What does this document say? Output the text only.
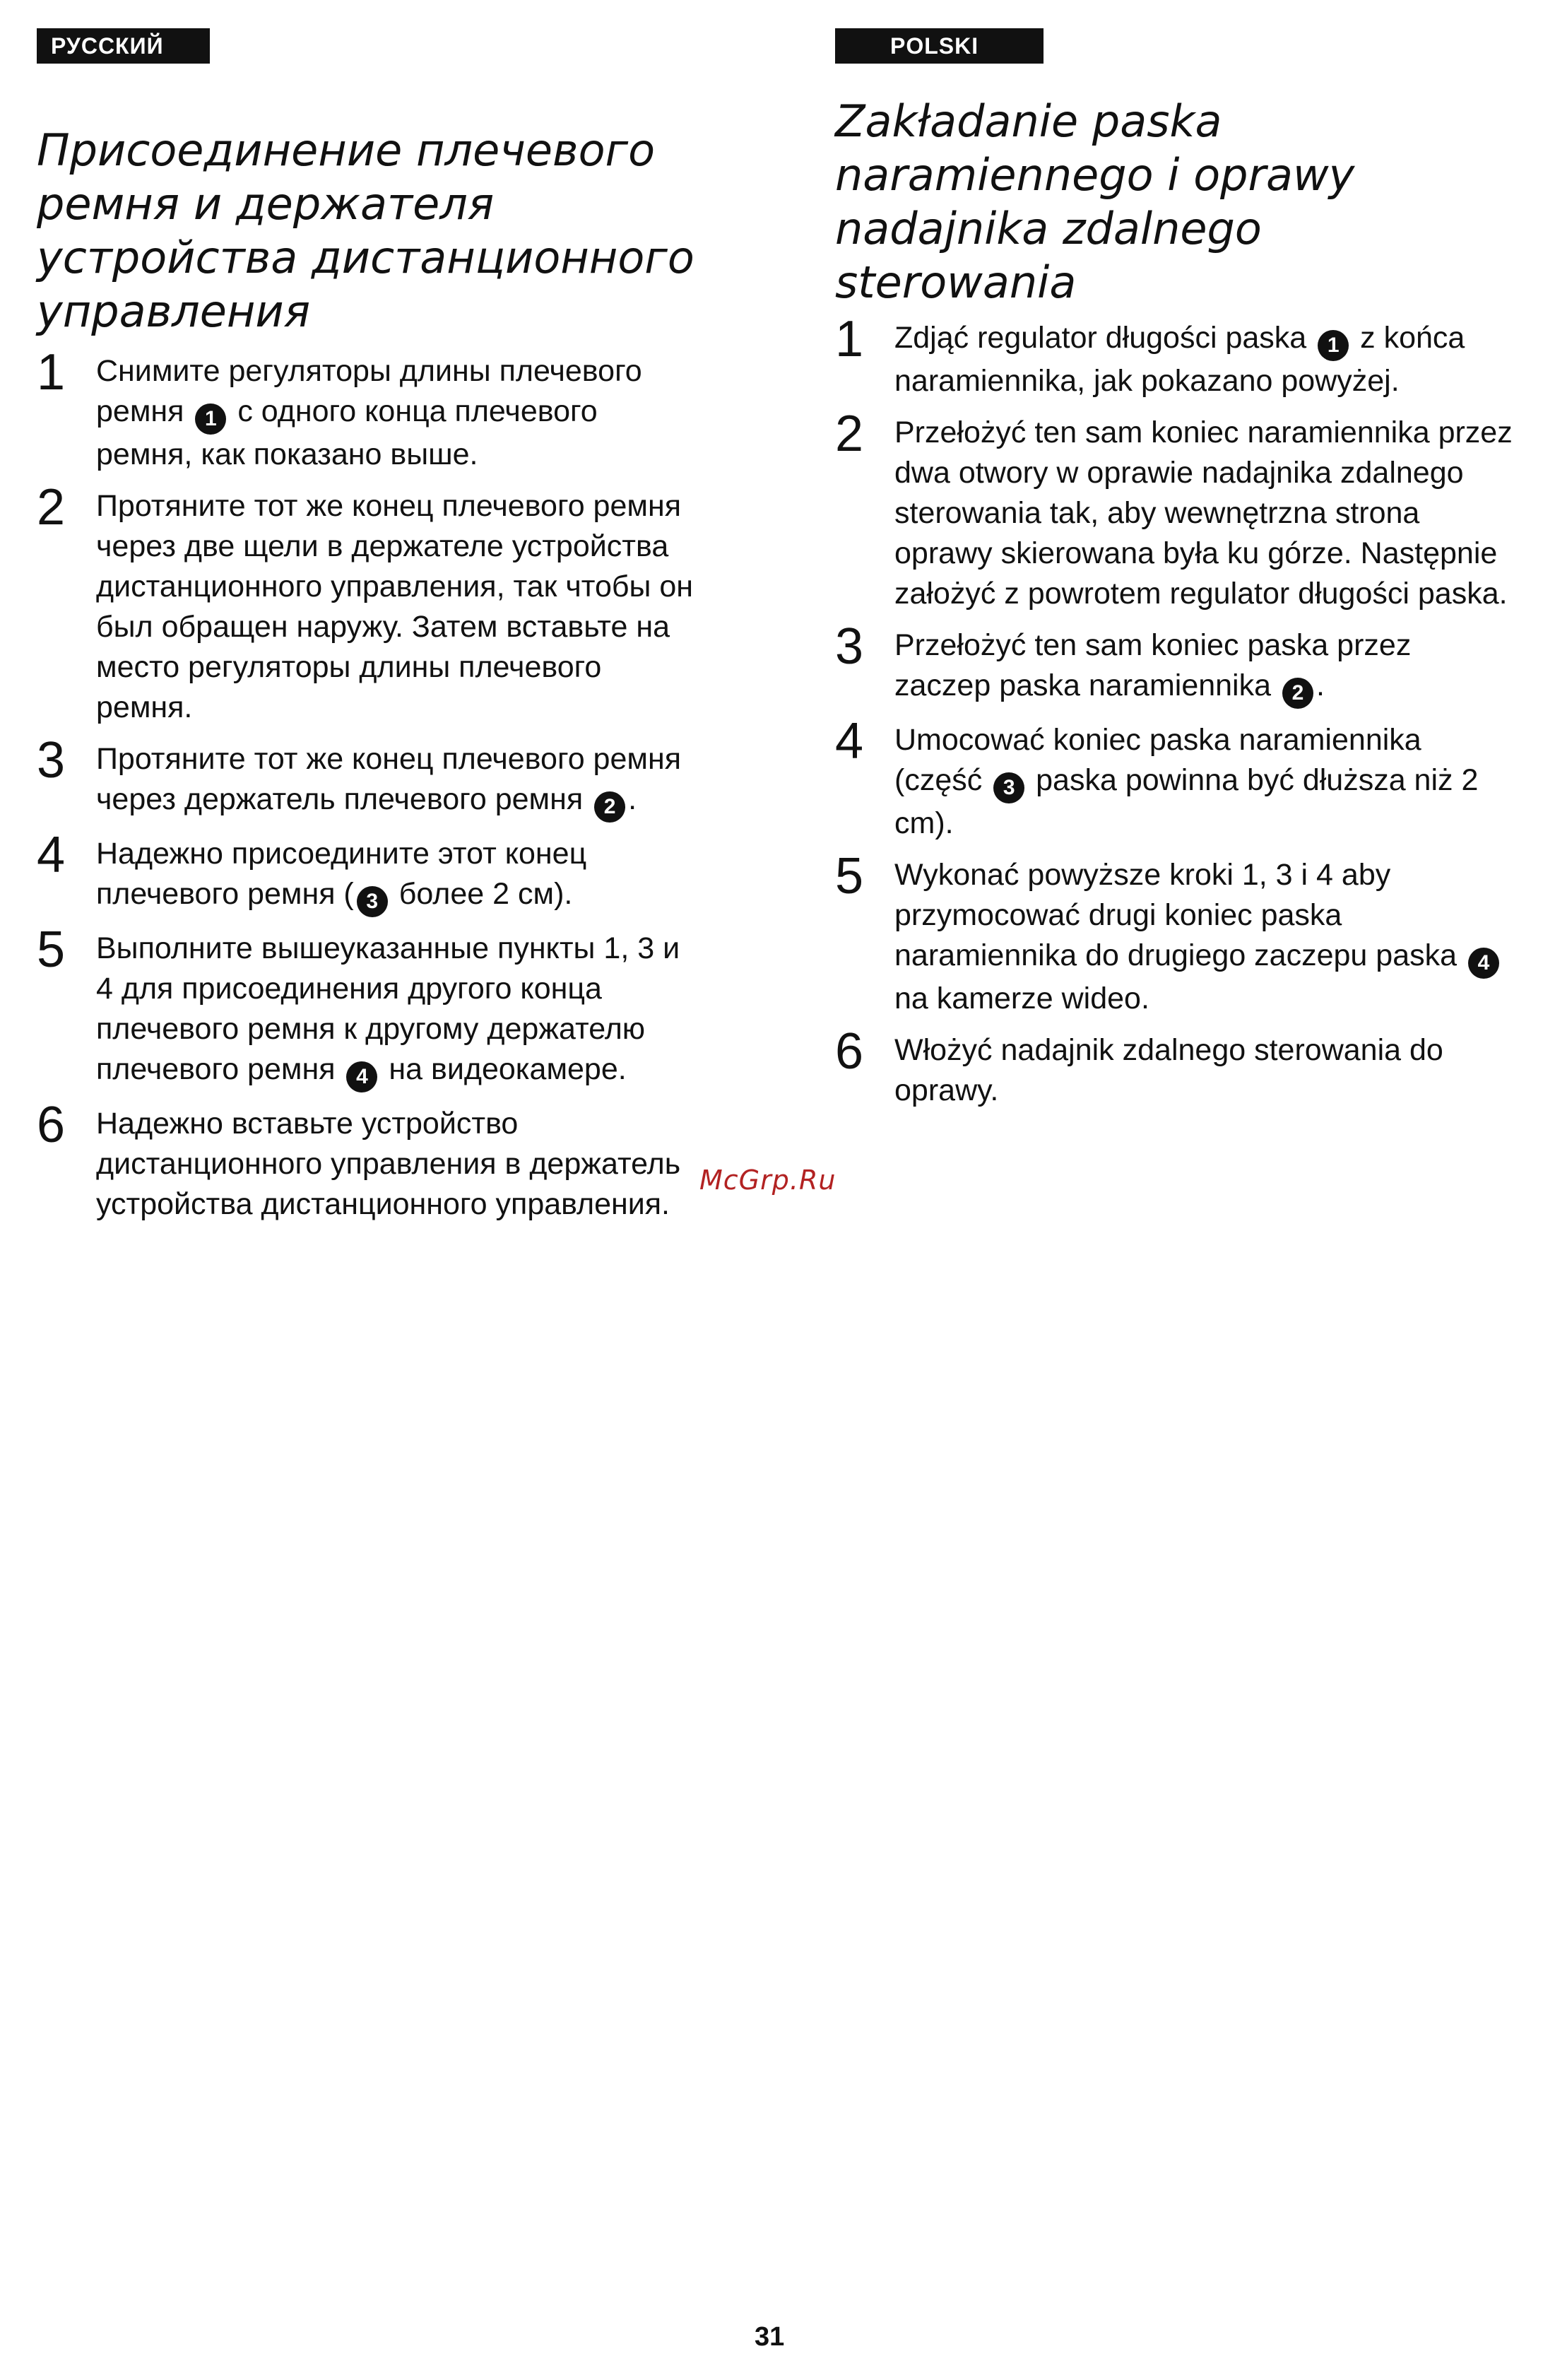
РУССКИЙ ЯЗЫК
Присоединение плечевого ремня и держателя устройства дистанционного управления
1 Снимите регуляторы длины плечевого ремня 1 с одного конца плечевого ремня, как показано выше.
2 Протяните тот же конец плечевого ремня через две щели в держателе устройства дистанционного управления, так чтобы он был обращен наружу. Затем вставьте на место регуляторы длины плечевого ремня.
3 Протяните тот же конец плечевого ремня через держатель плечевого ремня 2 .
4 Надежно присоедините этот конец плечевого ремня ( 3 более 2 см).
5 Выполните вышеуказанные пункты 1, 3 и 4 для присоединения другого конца плечевого ремня к другому держателю плечевого ремня 4 на видеокамере.
6 Надежно вставьте устройство дистанционного управления в держатель устройства дистанционного управления.
POLSKI
Zakładanie paska naramiennego i oprawy nadajnika zdalnego sterowania
1 Zdjąć regulator długości paska 1 z końca naramiennika, jak pokazano powyżej.
2 Przełożyć ten sam koniec naramiennika przez dwa otwory w oprawie nadajnika zdalnego sterowania tak, aby wewnętrzna strona oprawy skierowana była ku górze. Następnie założyć z powrotem regulator długości paska.
3 Przełożyć ten sam koniec paska przez zaczep paska naramiennika 2 .
4 Umocować koniec paska naramiennika (część 3 paska powinna być dłuższa niż 2 cm).
5 Wykonać powyższe kroki 1, 3 i 4 aby przymocować drugi koniec paska naramiennika do drugiego zaczepu paska 4 na kamerze wideo.
6 Włożyć nadajnik zdalnego sterowania do oprawy.
McGrp.Ru
31
